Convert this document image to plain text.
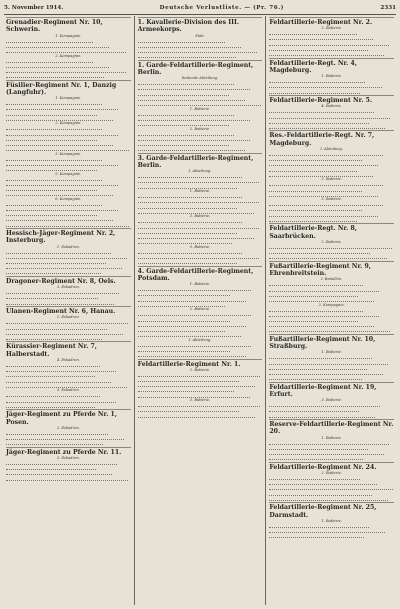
5. November 1914.	Deutsche Verlustliste. — (Pr. 76.)	2331
Grenadier-Regiment Nr. 10, Schwerin.
1. Kompagnie.
2. Kompagnie.
Füsilier-Regiment Nr. 1, Danzig (Langfuhr).
1. Kompagnie.
2. Kompagnie.
3. Kompagnie.
5. Kompagnie.
6. Kompagnie.
Hessisch-Jäger-Regiment Nr. 2, Insterburg.
1. Eskadron.
Dragoner-Regiment Nr. 8, Oels.
3. Eskadron.
Ulanen-Regiment Nr. 6, Hanau.
1. Eskadron.
Kürassier-Regiment Nr. 7, Halberstadt.
4. Eskadron.
5. Eskadron.
Jäger-Regiment zu Pferde Nr. 1, Posen.
2. Eskadron.
Jäger-Regiment zu Pferde Nr. 11.
3. Eskadron.
1. Kavallerie-Division des III. Armeekorps.
Stab.
1. Garde-Feldartillerie-Regiment, Berlin.
Reitende Abteilung.
1. Batterie.
2. Batterie.
3. Garde-Feldartillerie-Regiment, Berlin.
I. Abteilung.
1. Batterie.
3. Batterie.
5. Batterie.
4. Garde-Feldartillerie-Regiment, Potsdam.
1. Batterie.
2. Batterie.
I. Abteilung.
Feldartillerie-Regiment Nr. 1.
2. Batterie.
3. Batterie.
Feldartillerie-Regiment Nr. 2.
5. Batterie.
Feldartillerie-Regt. Nr. 4, Magdeburg.
1. Batterie.
Feldartillerie-Regiment Nr. 5.
4. Batterie.
Res.-Feldartillerie-Regt. Nr. 7, Magdeburg.
I. Abteilung.
2. Batterie.
3. Batterie.
Feldartillerie-Regt. Nr. 8, Saarbrücken.
2. Batterie.
Fußartillerie-Regiment Nr. 9, Ehrenbreitstein.
I. Bataillon.
2. Kompagnie.
Fußartillerie-Regiment Nr. 10, Straßburg.
1. Batterie.
Feldartillerie-Regiment Nr. 19, Erfurt.
3. Batterie.
Reserve-Feldartillerie-Regiment Nr. 20.
1. Batterie.
Feldartillerie-Regiment Nr. 24.
2. Batterie.
Feldartillerie-Regiment Nr. 25, Darmstadt.
1. Batterie.
